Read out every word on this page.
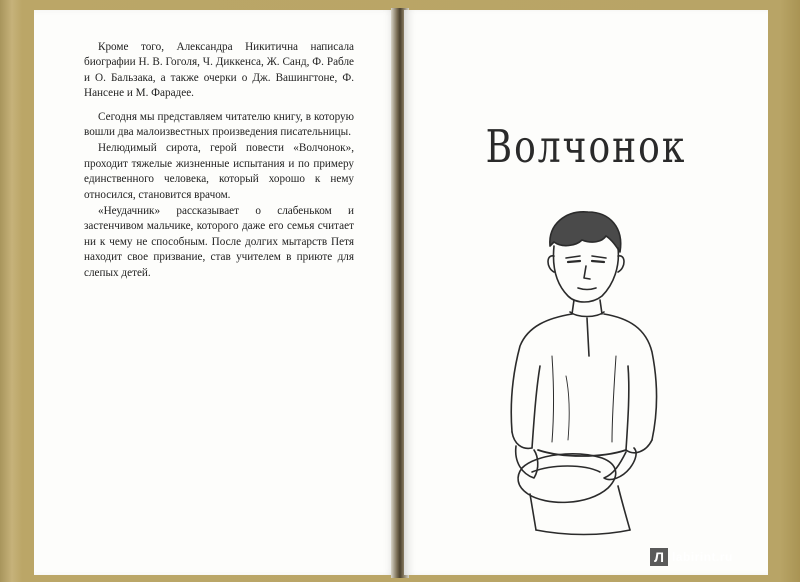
Кроме того, Александра Никитична написала биографии Н. В. Гоголя, Ч. Диккенса, Ж. Санд, Ф. Рабле и О. Бальзака, а также очерки о Дж. Вашингтоне, Ф. Нансене и М. Фарадее.

Сегодня мы представляем читателю книгу, в которую вошли два малоизвестных произведения писательницы.

Нелюдимый сирота, герой повести «Волчонок», проходит тяжелые жизненные испытания и по примеру единственного человека, который хорошо к нему относился, становится врачом.

«Неудачник» рассказывает о слабеньком и застенчивом мальчике, которого даже его семья считает ни к чему не способным. После долгих мытарств Петя находит свое призвание, став учителем в приюте для слепых детей.

Волчонок
Л labirint.ru
